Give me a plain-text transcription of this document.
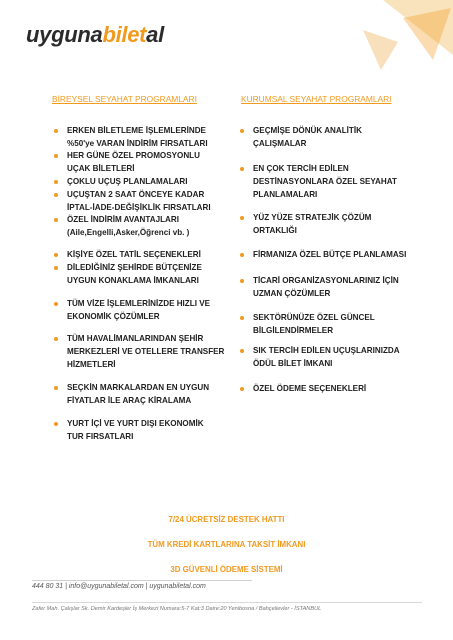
uygunabiletal
BİREYSEL SEYAHAT PROGRAMLARI	KURUMSAL SEYAHAT PROGRAMLARI
ERKEN BİLETLEME İŞLEMLERİNDE
%50'ye VARAN İNDİRİM FIRSATLARI
HER GÜNE ÖZEL PROMOSYONLU
UÇAK BİLETLERİ
ÇOKLU UÇUŞ PLANLAMALARI
UÇUŞTAN 2 SAAT ÖNCEYE KADAR
İPTAL-İADE-DEĞİŞİKLİK FIRSATLARI
ÖZEL İNDİRİM AVANTAJLARI
(Aile,Engelli,Asker,Öğrenci vb. )
KİŞİYE ÖZEL TATİL SEÇENEKLERİ
DİLEDİĞİNİZ ŞEHİRDE BÜTÇENİZE
UYGUN KONAKLAMA İMKANLARI
TÜM VİZE İŞLEMLERİNİZDE HIZLI VE
EKONOMİK ÇÖZÜMLER
TÜM HAVALİMANLARINDAN ŞEHİR
MERKEZLERİ VE OTELLERE TRANSFER
HİZMETLERİ
SEÇKİN MARKALARDAN EN UYGUN
FİYATLAR İLE ARAÇ KİRALAMA
YURT İÇİ VE YURT DIŞI EKONOMİK
TUR FIRSATLARI
GEÇMİŞE DÖNÜK ANALİTİK
ÇALIŞMALAR
EN ÇOK TERCİH EDİLEN
DESTİNASYONLARA ÖZEL SEYAHAT
PLANLAMALARI
YÜZ YÜZE STRATEJİK ÇÖZÜM
ORTAKLIĞI
FİRMANIZA ÖZEL BÜTÇE PLANLAMASI
TİCARİ ORGANİZASYONLARINIZ İÇİN
UZMAN ÇÖZÜMLER
SEKTÖRÜNÜZE ÖZEL GÜNCEL
BİLGİLENDİRMELER
SIK TERCİH EDİLEN UÇUŞLARINIZDA
ÖDÜL BİLET İMKANI
ÖZEL ÖDEME SEÇENEKLERİ
7/24 ÜCRETSİZ DESTEK HATTI
TÜM KREDİ KARTLARINA TAKSİT İMKANI
3D GÜVENLİ ÖDEME SİSTEMİ
444 80 31 | info@uygunabiletal.com | uygunabiletal.com
Zafer Mah. Çalışlar Sk. Demir Kardeşler İş Merkezi Numara:5-7 Kat:3 Daire:20 Yenibosna / Bahçelievler - İSTANBUL
